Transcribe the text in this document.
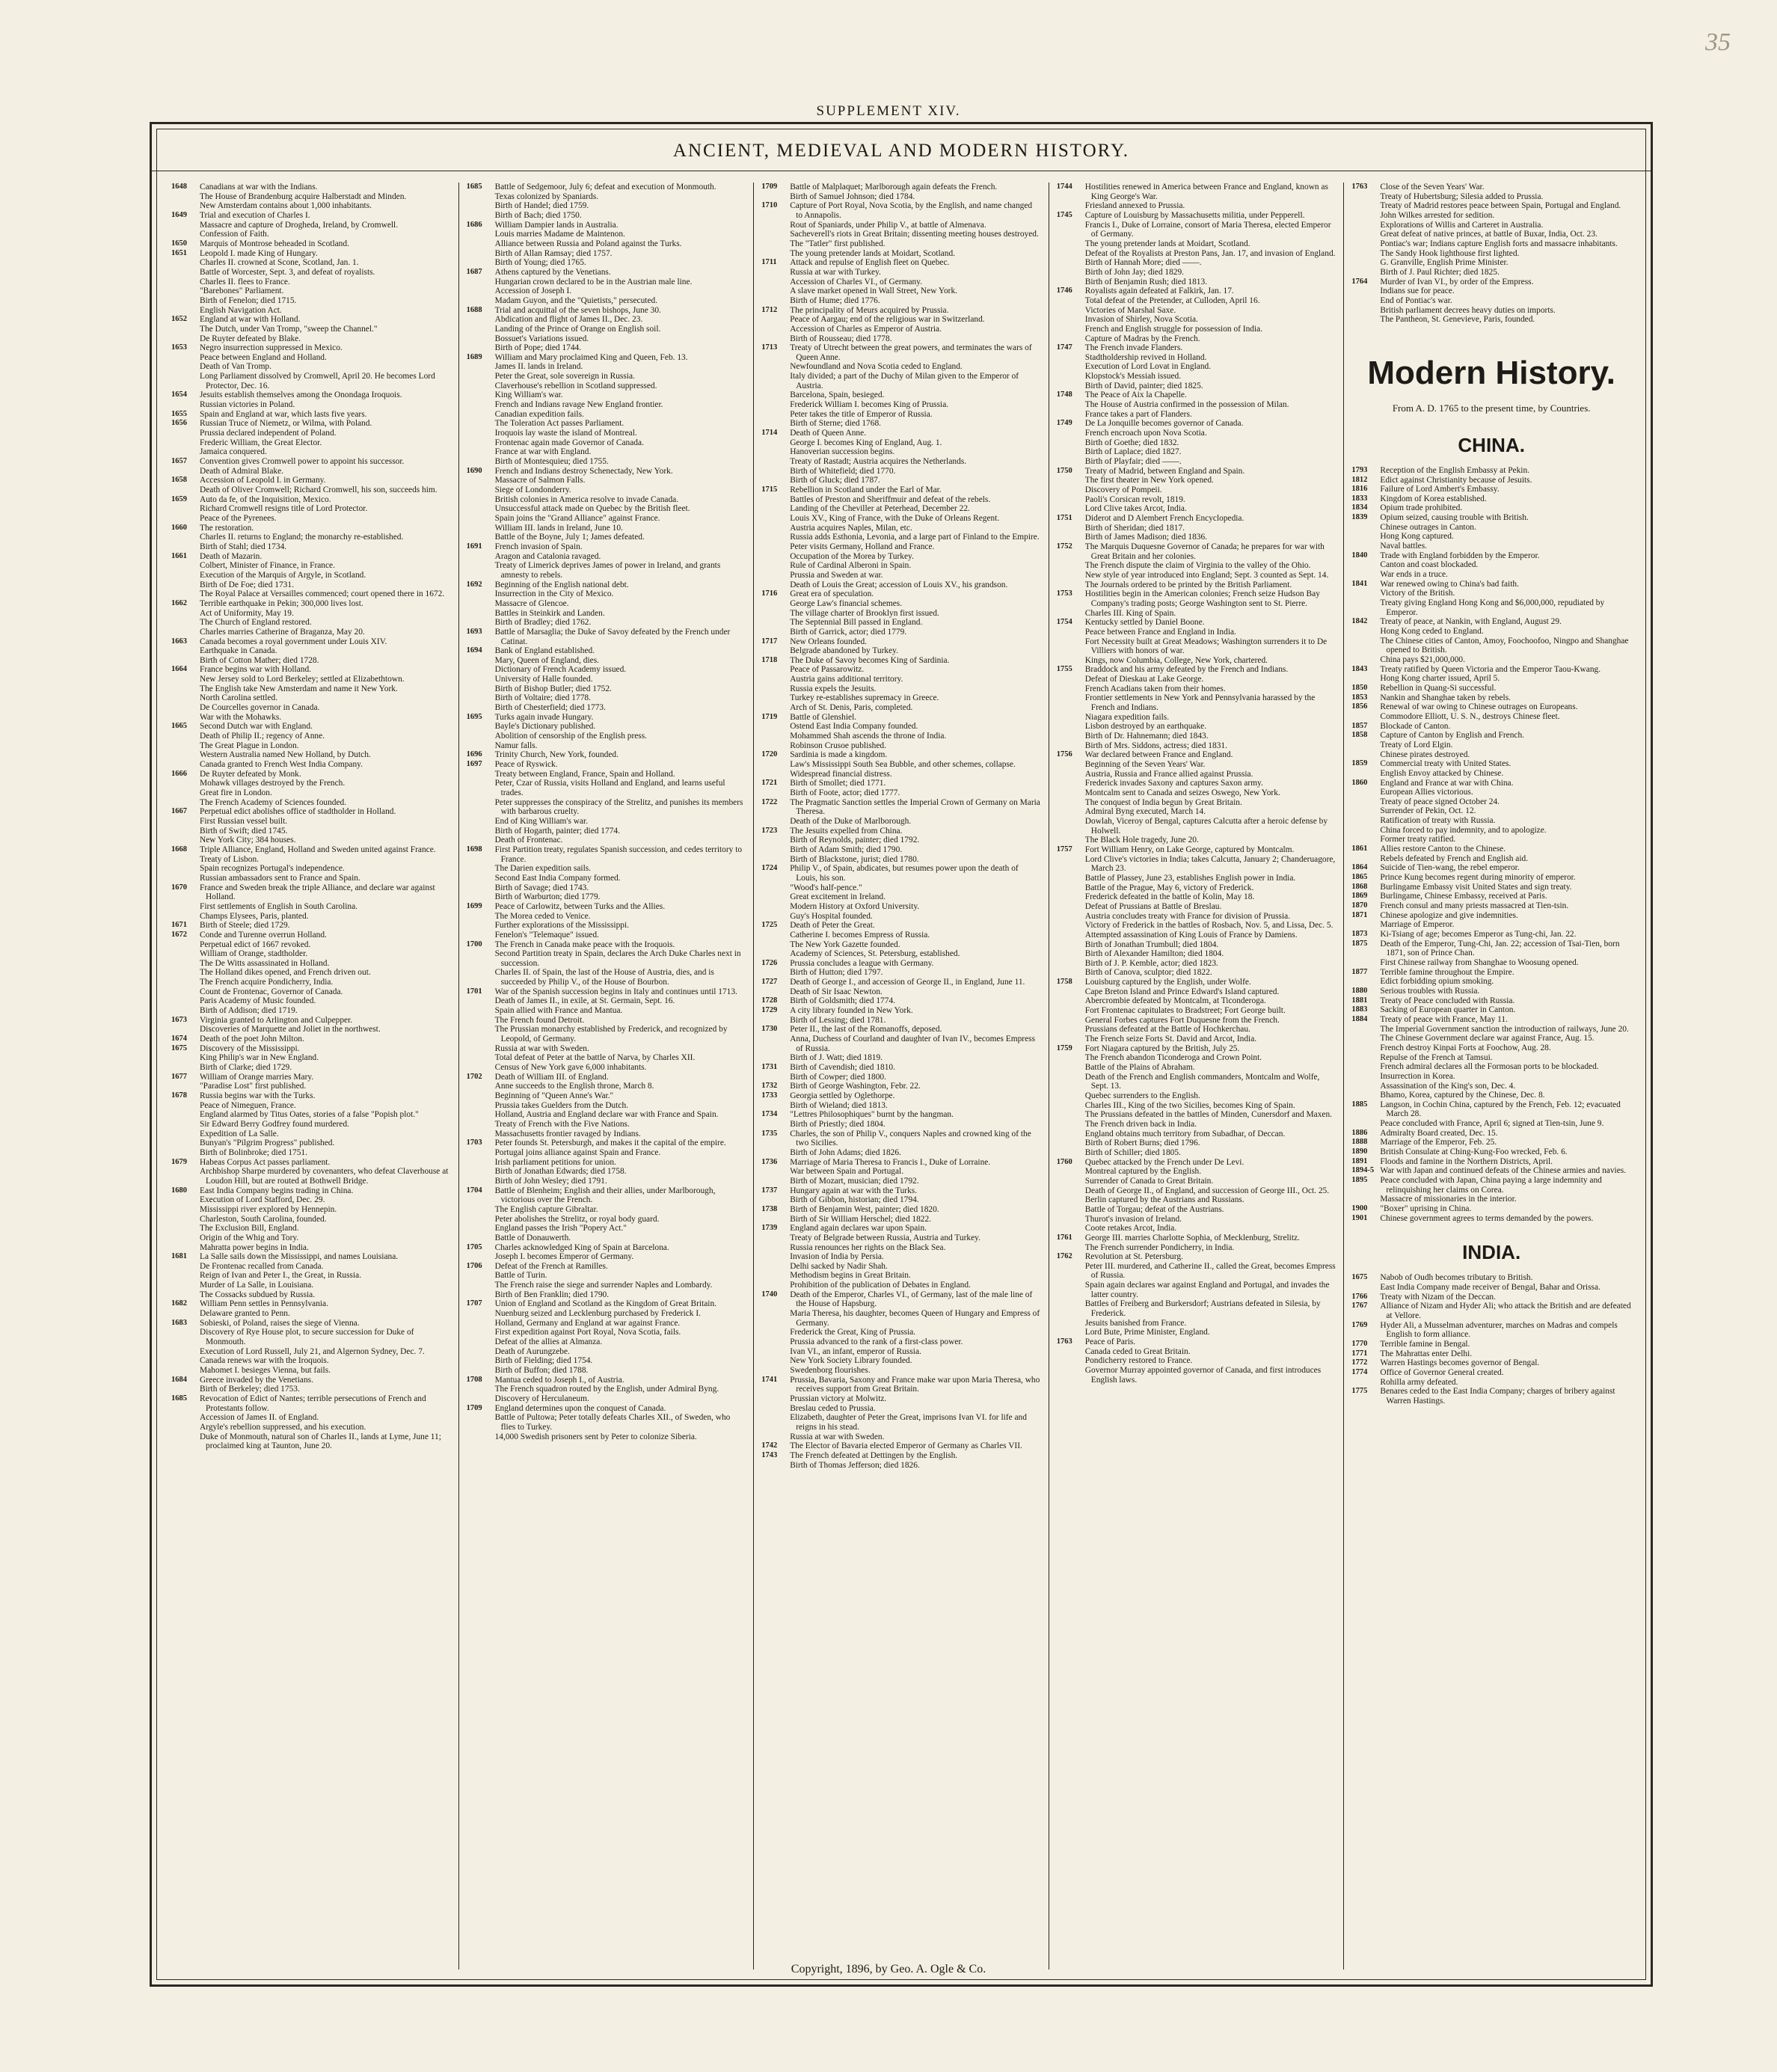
35
SUPPLEMENT XIV.
ANCIENT, MEDIEVAL AND MODERN HISTORY.
1648	Canadians at war with the Indians.
The House of Brandenburg acquire Halberstadt and Minden.
New Amsterdam contains about 1,000 inhabitants.
1649	Trial and execution of Charles I.
Massacre and capture of Drogheda, Ireland, by Cromwell.
Confession of Faith.
1650	Marquis of Montrose beheaded in Scotland.
1651	Leopold I. made King of Hungary.
Charles II. crowned at Scone, Scotland, Jan. 1.
Battle of Worcester, Sept. 3, and defeat of royalists.
Charles II. flees to France.
"Barebones" Parliament.
Birth of Fenelon; died 1715.
English Navigation Act.
1652	England at war with Holland.
The Dutch, under Van Tromp, "sweep the Channel."
De Ruyter defeated by Blake.
1653	Negro insurrection suppressed in Mexico.
Peace between England and Holland.
Death of Van Tromp.
Long Parliament dissolved by Cromwell, April 20. He becomes Lord Protector, Dec. 16.
1654	Jesuits establish themselves among the Onondaga Iroquois.
Russian victories in Poland.
1655	Spain and England at war, which lasts five years.
1656	Russian Truce of Niemetz, or Wilma, with Poland.
Prussia declared independent of Poland.
Frederic William, the Great Elector.
Jamaica conquered.
1657	Convention gives Cromwell power to appoint his successor.
Death of Admiral Blake.
1658	Accession of Leopold I. in Germany.
Death of Oliver Cromwell; Richard Cromwell, his son, succeeds him.
1659	Auto da fe, of the Inquisition, Mexico.
Richard Cromwell resigns title of Lord Protector.
Peace of the Pyrenees.
1660	The restoration.
Charles II. returns to England; the monarchy re-established.
Birth of Stahl; died 1734.
1661	Death of Mazarin.
Colbert, Minister of Finance, in France.
Execution of the Marquis of Argyle, in Scotland.
Birth of De Foe; died 1731.
The Royal Palace at Versailles commenced; court opened there in 1672.
1662	Terrible earthquake in Pekin; 300,000 lives lost.
Act of Uniformity, May 19.
The Church of England restored.
Charles marries Catherine of Braganza, May 20.
1663	Canada becomes a royal government under Louis XIV.
Earthquake in Canada.
Birth of Cotton Mather; died 1728.
1664	France begins war with Holland.
New Jersey sold to Lord Berkeley; settled at Elizabethtown.
The English take New Amsterdam and name it New York.
North Carolina settled.
De Courcelles governor in Canada.
War with the Mohawks.
1665	Second Dutch war with England.
Death of Philip II.; regency of Anne.
The Great Plague in London.
Western Australia named New Holland, by Dutch.
Canada granted to French West India Company.
1666	De Ruyter defeated by Monk.
Mohawk villages destroyed by the French.
Great fire in London.
The French Academy of Sciences founded.
1667	Perpetual edict abolishes office of stadtholder in Holland.
First Russian vessel built.
Birth of Swift; died 1745.
New York City; 384 houses.
1668	Triple Alliance, England, Holland and Sweden united against France.
Treaty of Lisbon.
Spain recognizes Portugal's independence.
Russian ambassadors sent to France and Spain.
1670	France and Sweden break the triple Alliance, and declare war against Holland.
First settlements of English in South Carolina.
Champs Elysees, Paris, planted.
1671	Birth of Steele; died 1729.
1672	Conde and Turenne overrun Holland.
Perpetual edict of 1667 revoked.
William of Orange, stadtholder.
The De Witts assassinated in Holland.
The Holland dikes opened, and French driven out.
The French acquire Pondicherry, India.
Count de Frontenac, Governor of Canada.
Paris Academy of Music founded.
Birth of Addison; died 1719.
1673	Virginia granted to Arlington and Culpepper.
Discoveries of Marquette and Joliet in the northwest.
1674	Death of the poet John Milton.
1675	Discovery of the Mississippi.
King Philip's war in New England.
Birth of Clarke; died 1729.
1677	William of Orange marries Mary.
"Paradise Lost" first published.
1678	Russia begins war with the Turks.
Peace of Nimeguen, France.
England alarmed by Titus Oates, stories of a false "Popish plot."
Sir Edward Berry Godfrey found murdered.
Expedition of La Salle.
Bunyan's "Pilgrim Progress" published.
Birth of Bolinbroke; died 1751.
1679	Habeas Corpus Act passes parliament.
Archbishop Sharpe murdered by covenanters, who defeat Claverhouse at Loudon Hill, but are routed at Bothwell Bridge.
1680	East India Company begins trading in China.
Execution of Lord Stafford, Dec. 29.
Mississippi river explored by Hennepin.
Charleston, South Carolina, founded.
The Exclusion Bill, England.
Origin of the Whig and Tory.
Mahratta power begins in India.
1681	La Salle sails down the Mississippi, and names Louisiana.
De Frontenac recalled from Canada.
Reign of Ivan and Peter I., the Great, in Russia.
Murder of La Salle, in Louisiana.
The Cossacks subdued by Russia.
1682	William Penn settles in Pennsylvania.
Delaware granted to Penn.
1683	Sobieski, of Poland, raises the siege of Vienna.
Discovery of Rye House plot, to secure succession for Duke of Monmouth.
Execution of Lord Russell, July 21, and Algernon Sydney, Dec. 7.
Canada renews war with the Iroquois.
Mahomet I. besieges Vienna, but fails.
1684	Greece invaded by the Venetians.
Birth of Berkeley; died 1753.
1685	Revocation of Edict of Nantes; terrible persecutions of French and Protestants follow.
Accession of James II. of England.
Argyle's rebellion suppressed, and his execution.
Duke of Monmouth, natural son of Charles II., lands at Lyme, June 11; proclaimed king at Taunton, June 20.
1685	Battle of Sedgemoor, July 6; defeat and execution of Monmouth.
Texas colonized by Spaniards.
Birth of Handel; died 1759.
Birth of Bach; died 1750.
1686	William Dampier lands in Australia.
Louis marries Madame de Maintenon.
Alliance between Russia and Poland against the Turks.
Birth of Allan Ramsay; died 1757.
Birth of Young; died 1765.
1687	Athens captured by the Venetians.
Hungarian crown declared to be in the Austrian male line.
Accession of Joseph I.
Madam Guyon, and the "Quietists," persecuted.
1688	Trial and acquittal of the seven bishops, June 30.
Abdication and flight of James II., Dec. 23.
Landing of the Prince of Orange on English soil.
Bossuet's Variations issued.
Birth of Pope; died 1744.
1689	William and Mary proclaimed King and Queen, Feb. 13.
James II. lands in Ireland.
Peter the Great, sole sovereign in Russia.
Claverhouse's rebellion in Scotland suppressed.
King William's war.
French and Indians ravage New England frontier.
Canadian expedition fails.
The Toleration Act passes Parliament.
Iroquois lay waste the island of Montreal.
Frontenac again made Governor of Canada.
France at war with England.
Birth of Montesquieu; died 1755.
1690	French and Indians destroy Schenectady, New York.
Massacre of Salmon Falls.
Siege of Londonderry.
British colonies in America resolve to invade Canada.
Unsuccessful attack made on Quebec by the British fleet.
Spain joins the "Grand Alliance" against France.
William III. lands in Ireland, June 10.
Battle of the Boyne, July 1; James defeated.
1691	French invasion of Spain.
Aragon and Catalonia ravaged.
Treaty of Limerick deprives James of power in Ireland, and grants amnesty to rebels.
1692	Beginning of the English national debt.
Insurrection in the City of Mexico.
Massacre of Glencoe.
Battles in Steinkirk and Landen.
Birth of Bradley; died 1762.
1693	Battle of Marsaglia; the Duke of Savoy defeated by the French under Catinat.
1694	Bank of England established.
Mary, Queen of England, dies.
Dictionary of French Academy issued.
University of Halle founded.
Birth of Bishop Butler; died 1752.
Birth of Voltaire; died 1778.
Birth of Chesterfield; died 1773.
1695	Turks again invade Hungary.
Bayle's Dictionary published.
Abolition of censorship of the English press.
Namur falls.
1696	Trinity Church, New York, founded.
1697	Peace of Ryswick.
Treaty between England, France, Spain and Holland.
Peter, Czar of Russia, visits Holland and England, and learns useful trades.
Peter suppresses the conspiracy of the Strelitz, and punishes its members with barbarous cruelty.
End of King William's war.
Birth of Hogarth, painter; died 1774.
Death of Frontenac.
1698	First Partition treaty, regulates Spanish succession, and cedes territory to France.
The Darien expedition sails.
Second East India Company formed.
Birth of Savage; died 1743.
Birth of Warburton; died 1779.
1699	Peace of Carlowitz, between Turks and the Allies.
The Morea ceded to Venice.
Further explorations of the Mississippi.
Fenelon's "Telemaque" issued.
1700	The French in Canada make peace with the Iroquois.
Second Partition treaty in Spain, declares the Arch Duke Charles next in succession.
Charles II. of Spain, the last of the House of Austria, dies, and is succeeded by Philip V., of the House of Bourbon.
1701	War of the Spanish succession begins in Italy and continues until 1713.
Death of James II., in exile, at St. Germain, Sept. 16.
Spain allied with France and Mantua.
The French found Detroit.
The Prussian monarchy established by Frederick, and recognized by Leopold, of Germany.
Russia at war with Sweden.
Total defeat of Peter at the battle of Narva, by Charles XII.
Census of New York gave 6,000 inhabitants.
1702	Death of William III. of England.
Anne succeeds to the English throne, March 8.
Beginning of "Queen Anne's War."
Prussia takes Guelders from the Dutch.
Holland, Austria and England declare war with France and Spain.
Treaty of French with the Five Nations.
Massachusetts frontier ravaged by Indians.
1703	Peter founds St. Petersburgh, and makes it the capital of the empire.
Portugal joins alliance against Spain and France.
Irish parliament petitions for union.
Birth of Jonathan Edwards; died 1758.
Birth of John Wesley; died 1791.
1704	Battle of Blenheim; English and their allies, under Marlborough, victorious over the French.
The English capture Gibraltar.
Peter abolishes the Strelitz, or royal body guard.
England passes the Irish "Popery Act."
Battle of Donauwerth.
1705	Charles acknowledged King of Spain at Barcelona.
Joseph I. becomes Emperor of Germany.
1706	Defeat of the French at Ramilles.
Battle of Turin.
The French raise the siege and surrender Naples and Lombardy.
Birth of Ben Franklin; died 1790.
1707	Union of England and Scotland as the Kingdom of Great Britain.
Nuenburg seized and Lecklenburg purchased by Frederick I.
Holland, Germany and England at war against France.
First expedition against Port Royal, Nova Scotia, fails.
Defeat of the allies at Almanza.
Death of Aurungzebe.
Birth of Fielding; died 1754.
Birth of Buffon; died 1788.
1708	Mantua ceded to Joseph I., of Austria.
The French squadron routed by the English, under Admiral Byng.
Discovery of Herculaneum.
1709	England determines upon the conquest of Canada.
Battle of Pultowa; Peter totally defeats Charles XII., of Sweden, who flies to Turkey.
14,000 Swedish prisoners sent by Peter to colonize Siberia.
1709	Battle of Malplaquet; Marlborough again defeats the French.
Birth of Samuel Johnson; died 1784.
1710	Capture of Port Royal, Nova Scotia, by the English, and name changed to Annapolis.
Rout of Spaniards, under Philip V., at battle of Almenava.
Sacheverell's riots in Great Britain; dissenting meeting houses destroyed.
The "Tatler" first published.
The young pretender lands at Moidart, Scotland.
1711	Attack and repulse of English fleet on Quebec.
Russia at war with Turkey.
Accession of Charles VI., of Germany.
A slave market opened in Wall Street, New York.
Birth of Hume; died 1776.
1712	The principality of Meurs acquired by Prussia.
Peace of Aargau; end of the religious war in Switzerland.
Accession of Charles as Emperor of Austria.
Birth of Rousseau; died 1778.
1713	Treaty of Utrecht between the great powers, and terminates the wars of Queen Anne.
Newfoundland and Nova Scotia ceded to England.
Italy divided; a part of the Duchy of Milan given to the Emperor of Austria.
Barcelona, Spain, besieged.
Frederick William I. becomes King of Prussia.
Peter takes the title of Emperor of Russia.
Birth of Sterne; died 1768.
1714	Death of Queen Anne.
George I. becomes King of England, Aug. 1.
Hanoverian succession begins.
Treaty of Rastadt; Austria acquires the Netherlands.
Birth of Whitefield; died 1770.
Birth of Gluck; died 1787.
1715	Rebellion in Scotland under the Earl of Mar.
Battles of Preston and Sheriffmuir and defeat of the rebels.
Landing of the Cheviller at Peterhead, December 22.
Louis XV., King of France, with the Duke of Orleans Regent.
Austria acquires Naples, Milan, etc.
Russia adds Esthonia, Levonia, and a large part of Finland to the Empire.
Peter visits Germany, Holland and France.
Occupation of the Morea by Turkey.
Rule of Cardinal Alberoni in Spain.
Prussia and Sweden at war.
Death of Louis the Great; accession of Louis XV., his grandson.
1716	Great era of speculation.
George Law's financial schemes.
The village charter of Brooklyn first issued.
The Septennial Bill passed in England.
Birth of Garrick, actor; died 1779.
1717	New Orleans founded.
Belgrade abandoned by Turkey.
1718	The Duke of Savoy becomes King of Sardinia.
Peace of Passarowitz.
Austria gains additional territory.
Russia expels the Jesuits.
Turkey re-establishes supremacy in Greece.
Arch of St. Denis, Paris, completed.
1719	Battle of Glenshiel.
Ostend East India Company founded.
Mohammed Shah ascends the throne of India.
Robinson Crusoe published.
1720	Sardinia is made a kingdom.
Law's Mississippi South Sea Bubble, and other schemes, collapse.
Widespread financial distress.
1721	Birth of Smollet; died 1771.
Birth of Foote, actor; died 1777.
1722	The Pragmatic Sanction settles the Imperial Crown of Germany on Maria Theresa.
Death of the Duke of Marlborough.
1723	The Jesuits expelled from China.
Birth of Reynolds, painter; died 1792.
Birth of Adam Smith; died 1790.
Birth of Blackstone, jurist; died 1780.
1724	Philip V., of Spain, abdicates, but resumes power upon the death of Louis, his son.
"Wood's half-pence."
Great excitement in Ireland.
Modern History at Oxford University.
Guy's Hospital founded.
1725	Death of Peter the Great.
Catherine I. becomes Empress of Russia.
The New York Gazette founded.
Academy of Sciences, St. Petersburg, established.
1726	Prussia concludes a league with Germany.
Birth of Hutton; died 1797.
1727	Death of George I., and accession of George II., in England, June 11.
Death of Sir Isaac Newton.
1728	Birth of Goldsmith; died 1774.
1729	A city library founded in New York.
Birth of Lessing; died 1781.
1730	Peter II., the last of the Romanoffs, deposed.
Anna, Duchess of Courland and daughter of Ivan IV., becomes Empress of Russia.
Birth of J. Watt; died 1819.
1731	Birth of Cavendish; died 1810.
Birth of Cowper; died 1800.
1732	Birth of George Washington, Febr. 22.
1733	Georgia settled by Oglethorpe.
Birth of Wieland; died 1813.
1734	"Lettres Philosophiques" burnt by the hangman.
Birth of Priestly; died 1804.
1735	Charles, the son of Philip V., conquers Naples and crowned king of the two Sicilies.
Birth of John Adams; died 1826.
1736	Marriage of Maria Theresa to Francis I., Duke of Lorraine.
War between Spain and Portugal.
Birth of Mozart, musician; died 1792.
1737	Hungary again at war with the Turks.
Birth of Gibbon, historian; died 1794.
1738	Birth of Benjamin West, painter; died 1820.
Birth of Sir William Herschel; died 1822.
1739	England again declares war upon Spain.
Treaty of Belgrade between Russia, Austria and Turkey.
Russia renounces her rights on the Black Sea.
Invasion of India by Persia.
Delhi sacked by Nadir Shah.
Methodism begins in Great Britain.
Prohibition of the publication of Debates in England.
1740	Death of the Emperor, Charles VI., of Germany, last of the male line of the House of Hapsburg.
Maria Theresa, his daughter, becomes Queen of Hungary and Empress of Germany.
Frederick the Great, King of Prussia.
Prussia advanced to the rank of a first-class power.
Ivan VI., an infant, emperor of Russia.
New York Society Library founded.
Swedenborg flourishes.
1741	Prussia, Bavaria, Saxony and France make war upon Maria Theresa, who receives support from Great Britain.
Prussian victory at Molwitz.
Breslau ceded to Prussia.
Elizabeth, daughter of Peter the Great, imprisons Ivan VI. for life and reigns in his stead.
Russia at war with Sweden.
1742	The Elector of Bavaria elected Emperor of Germany as Charles VII.
1743	The French defeated at Dettingen by the English.
Birth of Thomas Jefferson; died 1826.
1744	Hostilities renewed in America between France and England, known as King George's War.
Friesland annexed to Prussia.
1745	Capture of Louisburg by Massachusetts militia, under Pepperell.
Francis I., Duke of Lorraine, consort of Maria Theresa, elected Emperor of Germany.
The young pretender lands at Moidart, Scotland.
Defeat of the Royalists at Preston Pans, Jan. 17, and invasion of England.
Birth of Hannah More; died ——.
Birth of John Jay; died 1829.
Birth of Benjamin Rush; died 1813.
1746	Royalists again defeated at Falkirk, Jan. 17.
Total defeat of the Pretender, at Culloden, April 16.
Victories of Marshal Saxe.
Invasion of Shirley, Nova Scotia.
French and English struggle for possession of India.
Capture of Madras by the French.
1747	The French invade Flanders.
Stadtholdership revived in Holland.
Execution of Lord Lovat in England.
Klopstock's Messiah issued.
Birth of David, painter; died 1825.
1748	The Peace of Aix la Chapelle.
The House of Austria confirmed in the possession of Milan.
France takes a part of Flanders.
1749	De La Jonquille becomes governor of Canada.
French encroach upon Nova Scotia.
Birth of Goethe; died 1832.
Birth of Laplace; died 1827.
Birth of Playfair; died ——.
1750	Treaty of Madrid, between England and Spain.
The first theater in New York opened.
Discovery of Pompeii.
Paoli's Corsican revolt, 1819.
Lord Clive takes Arcot, India.
1751	Diderot and D Alembert French Encyclopedia.
Birth of Sheridan; died 1817.
Birth of James Madison; died 1836.
1752	The Marquis Duquesne Governor of Canada; he prepares for war with Great Britain and her colonies.
The French dispute the claim of Virginia to the valley of the Ohio.
New style of year introduced into England; Sept. 3 counted as Sept. 14.
The Journals ordered to be printed by the British Parliament.
1753	Hostilities begin in the American colonies; French seize Hudson Bay Company's trading posts; George Washington sent to St. Pierre.
Charles III. King of Spain.
1754	Kentucky settled by Daniel Boone.
Peace between France and England in India.
Fort Necessity built at Great Meadows; Washington surrenders it to De Villiers with honors of war.
Kings, now Columbia, College, New York, chartered.
1755	Braddock and his army defeated by the French and Indians.
Defeat of Dieskau at Lake George.
French Acadians taken from their homes.
Frontier settlements in New York and Pennsylvania harassed by the French and Indians.
Niagara expedition fails.
Lisbon destroyed by an earthquake.
Birth of Dr. Hahnemann; died 1843.
Birth of Mrs. Siddons, actress; died 1831.
1756	War declared between France and England.
Beginning of the Seven Years' War.
Austria, Russia and France allied against Prussia.
Frederick invades Saxony and captures Saxon army.
Montcalm sent to Canada and seizes Oswego, New York.
The conquest of India begun by Great Britain.
Admiral Byng executed, March 14.
Dowlah, Viceroy of Bengal, captures Calcutta after a heroic defense by Holwell.
The Black Hole tragedy, June 20.
1757	Fort William Henry, on Lake George, captured by Montcalm.
Lord Clive's victories in India; takes Calcutta, January 2; Chanderuagore, March 23.
Battle of Plassey, June 23, establishes English power in India.
Battle of the Prague, May 6, victory of Frederick.
Frederick defeated in the battle of Kolin, May 18.
Defeat of Prussians at Battle of Breslau.
Austria concludes treaty with France for division of Prussia.
Victory of Frederick in the battles of Rosbach, Nov. 5, and Lissa, Dec. 5.
Attempted assassination of King Louis of France by Damiens.
Birth of Jonathan Trumbull; died 1804.
Birth of Alexander Hamilton; died 1804.
Birth of J. P. Kemble, actor; died 1823.
Birth of Canova, sculptor; died 1822.
1758	Louisburg captured by the English, under Wolfe.
Cape Breton Island and Prince Edward's Island captured.
Abercrombie defeated by Montcalm, at Ticonderoga.
Fort Frontenac capitulates to Bradstreet; Fort George built.
General Forbes captures Fort Duquesne from the French.
Prussians defeated at the Battle of Hochkerchau.
The French seize Forts St. David and Arcot, India.
1759	Fort Niagara captured by the British, July 25.
The French abandon Ticonderoga and Crown Point.
Battle of the Plains of Abraham.
Death of the French and English commanders, Montcalm and Wolfe, Sept. 13.
Quebec surrenders to the English.
Charles III., King of the two Sicilies, becomes King of Spain.
The Prussians defeated in the battles of Minden, Cunersdorf and Maxen.
The French driven back in India.
England obtains much territory from Subadhar, of Deccan.
Birth of Robert Burns; died 1796.
Birth of Schiller; died 1805.
1760	Quebec attacked by the French under De Levi.
Montreal captured by the English.
Surrender of Canada to Great Britain.
Death of George II., of England, and succession of George III., Oct. 25.
Berlin captured by the Austrians and Russians.
Battle of Torgau; defeat of the Austrians.
Thurot's invasion of Ireland.
Coote retakes Arcot, India.
1761	George III. marries Charlotte Sophia, of Mecklenburg, Strelitz.
The French surrender Pondicherry, in India.
1762	Revolution at St. Petersburg.
Peter III. murdered, and Catherine II., called the Great, becomes Empress of Russia.
Spain again declares war against England and Portugal, and invades the latter country.
Battles of Freiberg and Burkersdorf; Austrians defeated in Silesia, by Frederick.
Jesuits banished from France.
Lord Bute, Prime Minister, England.
1763	Peace of Paris.
Canada ceded to Great Britain.
Pondicherry restored to France.
Governor Murray appointed governor of Canada, and first introduces English laws.
1763	Close of the Seven Years' War.
Treaty of Hubertsburg; Silesia added to Prussia.
Treaty of Madrid restores peace between Spain, Portugal and England.
John Wilkes arrested for sedition.
Explorations of Willis and Carteret in Australia.
Great defeat of native princes, at battle of Buxar, India, Oct. 23.
Pontiac's war; Indians capture English forts and massacre inhabitants.
The Sandy Hook lighthouse first lighted.
G. Granville, English Prime Minister.
Birth of J. Paul Richter; died 1825.
1764	Murder of Ivan VI., by order of the Empress.
Indians sue for peace.
End of Pontiac's war.
British parliament decrees heavy duties on imports.
The Pantheon, St. Genevieve, Paris, founded.
Modern History.
From A. D. 1765 to the present time, by Countries.
CHINA.
1793	Reception of the English Embassy at Pekin.
1812	Edict against Christianity because of Jesuits.
1816	Failure of Lord Ambert's Embassy.
1833	Kingdom of Korea established.
1834	Opium trade prohibited.
1839	Opium seized, causing trouble with British.
Chinese outrages in Canton.
Hong Kong captured.
Naval battles.
1840	Trade with England forbidden by the Emperor.
Canton and coast blockaded.
War ends in a truce.
1841	War renewed owing to China's bad faith.
Victory of the British.
Treaty giving England Hong Kong and $6,000,000, repudiated by Emperor.
1842	Treaty of peace, at Nankin, with England, August 29.
Hong Kong ceded to England.
The Chinese cities of Canton, Amoy, Foochoofoo, Ningpo and Shanghae opened to British.
China pays $21,000,000.
1843	Treaty ratified by Queen Victoria and the Emperor Taou-Kwang.
Hong Kong charter issued, April 5.
1850	Rebellion in Quang-Si successful.
1853	Nankin and Shanghae taken by rebels.
1856	Renewal of war owing to Chinese outrages on Europeans.
Commodore Elliott, U. S. N., destroys Chinese fleet.
1857	Blockade of Canton.
1858	Capture of Canton by English and French.
Treaty of Lord Elgin.
Chinese pirates destroyed.
1859	Commercial treaty with United States.
English Envoy attacked by Chinese.
1860	England and France at war with China.
European Allies victorious.
Treaty of peace signed October 24.
Surrender of Pekin, Oct. 12.
Ratification of treaty with Russia.
China forced to pay indemnity, and to apologize.
Former treaty ratified.
1861	Allies restore Canton to the Chinese.
Rebels defeated by French and English aid.
1864	Suicide of Tien-wang, the rebel emperor.
1865	Prince Kung becomes regent during minority of emperor.
1868	Burlingame Embassy visit United States and sign treaty.
1869	Burlingame, Chinese Embassy, received at Paris.
1870	French consul and many priests massacred at Tien-tsin.
1871	Chinese apologize and give indemnities.
Marriage of Emperor.
1873	Ki-Tsiang of age; becomes Emperor as Tung-chi, Jan. 22.
1875	Death of the Emperor, Tung-Chi, Jan. 22; accession of Tsai-Tien, born 1871, son of Prince Chan.
First Chinese railway from Shanghae to Woosung opened.
1877	Terrible famine throughout the Empire.
Edict forbidding opium smoking.
1880	Serious troubles with Russia.
1881	Treaty of Peace concluded with Russia.
1883	Sacking of European quarter in Canton.
1884	Treaty of peace with France, May 11.
The Imperial Government sanction the introduction of railways, June 20.
The Chinese Government declare war against France, Aug. 15.
French destroy Kinpai Forts at Foochow, Aug. 28.
Repulse of the French at Tamsui.
French admiral declares all the Formosan ports to be blockaded.
Insurrection in Korea.
Assassination of the King's son, Dec. 4.
Bhamo, Korea, captured by the Chinese, Dec. 8.
1885	Langson, in Cochin China, captured by the French, Feb. 12; evacuated March 28.
Peace concluded with France, April 6; signed at Tien-tsin, June 9.
1886	Admiralty Board created, Dec. 15.
1888	Marriage of the Emperor, Feb. 25.
1890	British Consulate at Ching-Kung-Foo wrecked, Feb. 6.
1891	Floods and famine in the Northern Districts, April.
1894-5 War with Japan and continued defeats of the Chinese armies and navies.
1895	Peace concluded with Japan, China paying a large indemnity and relinquishing her claims on Corea.
Massacre of missionaries in the interior.
1900	"Boxer" uprising in China.
1901	Chinese government agrees to terms demanded by the powers.
INDIA.
1675	Nabob of Oudh becomes tributary to British.
East India Company made receiver of Bengal, Bahar and Orissa.
1766	Treaty with Nizam of the Deccan.
1767	Alliance of Nizam and Hyder Ali; who attack the British and are defeated at Vellore.
1769	Hyder Ali, a Musselman adventurer, marches on Madras and compels English to form alliance.
1770	Terrible famine in Bengal.
1771	The Mahrattas enter Delhi.
1772	Warren Hastings becomes governor of Bengal.
1774	Office of Governor General created.
Rohilla army defeated.
1775	Benares ceded to the East India Company; charges of bribery against Warren Hastings.
Copyright, 1896, by Geo. A. Ogle & Co.
